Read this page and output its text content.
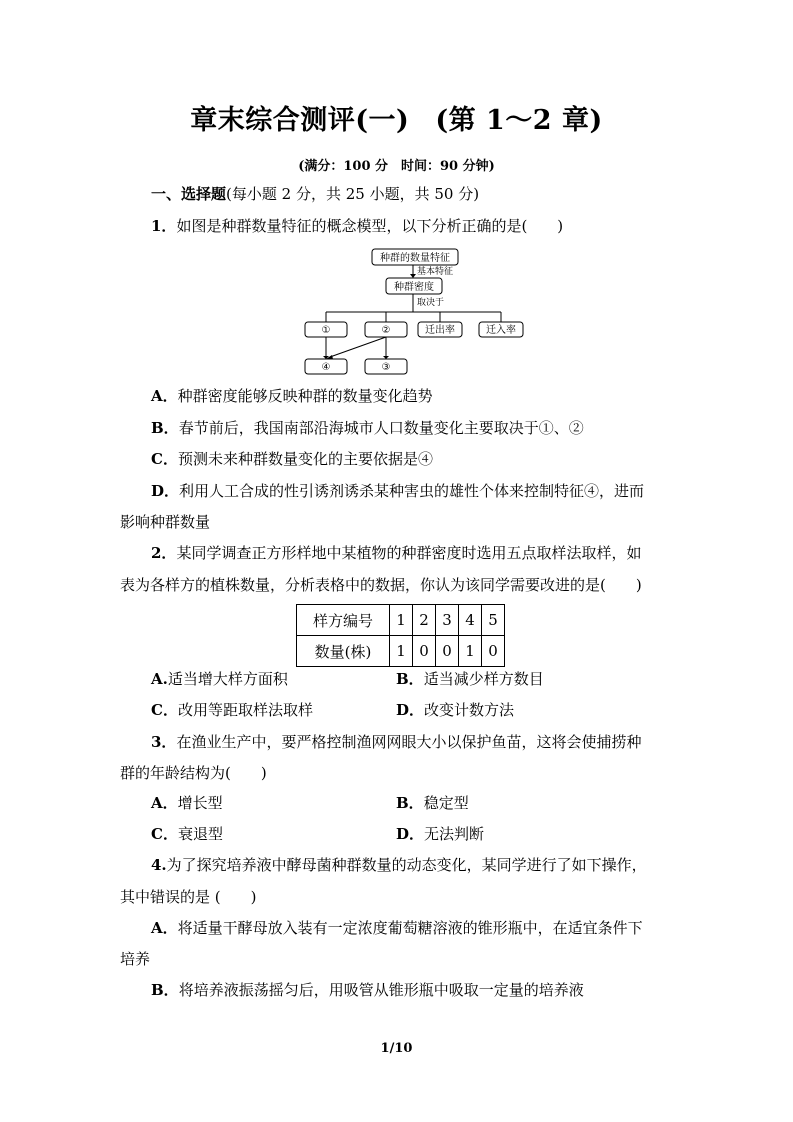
章末综合测评(一) (第 1～2 章)
(满分：100 分　时间：90 分钟)
一、选择题(每小题 2 分，共 25 小题，共 50 分)
1．如图是种群数量特征的概念模型，以下分析正确的是(　　)
种群的数量特征
基本特征
种群密度
取决于
①	②	迁出率	迁入率
④	③
A．种群密度能够反映种群的数量变化趋势
B．春节前后，我国南部沿海城市人口数量变化主要取决于①、②
C．预测未来种群数量变化的主要依据是④
D．利用人工合成的性引诱剂诱杀某种害虫的雄性个体来控制特征④，进而
影响种群数量
2．某同学调查正方形样地中某植物的种群密度时选用五点取样法取样，如
表为各样方的植株数量，分析表格中的数据，你认为该同学需要改进的是(　　)
样方编号	1	2	3	4	5
数量(株)	1	0	0	1	0
A.适当增大样方面积	B．适当减少样方数目
C．改用等距取样法取样	D．改变计数方法
3．在渔业生产中，要严格控制渔网网眼大小以保护鱼苗，这将会使捕捞种
群的年龄结构为(　　)
A．增长型	B．稳定型
C．衰退型	D．无法判断
4.为了探究培养液中酵母菌种群数量的动态变化，某同学进行了如下操作，
其中错误的是 (　　)
A．将适量干酵母放入装有一定浓度葡萄糖溶液的锥形瓶中，在适宜条件下
培养
B．将培养液振荡摇匀后，用吸管从锥形瓶中吸取一定量的培养液
1/10
